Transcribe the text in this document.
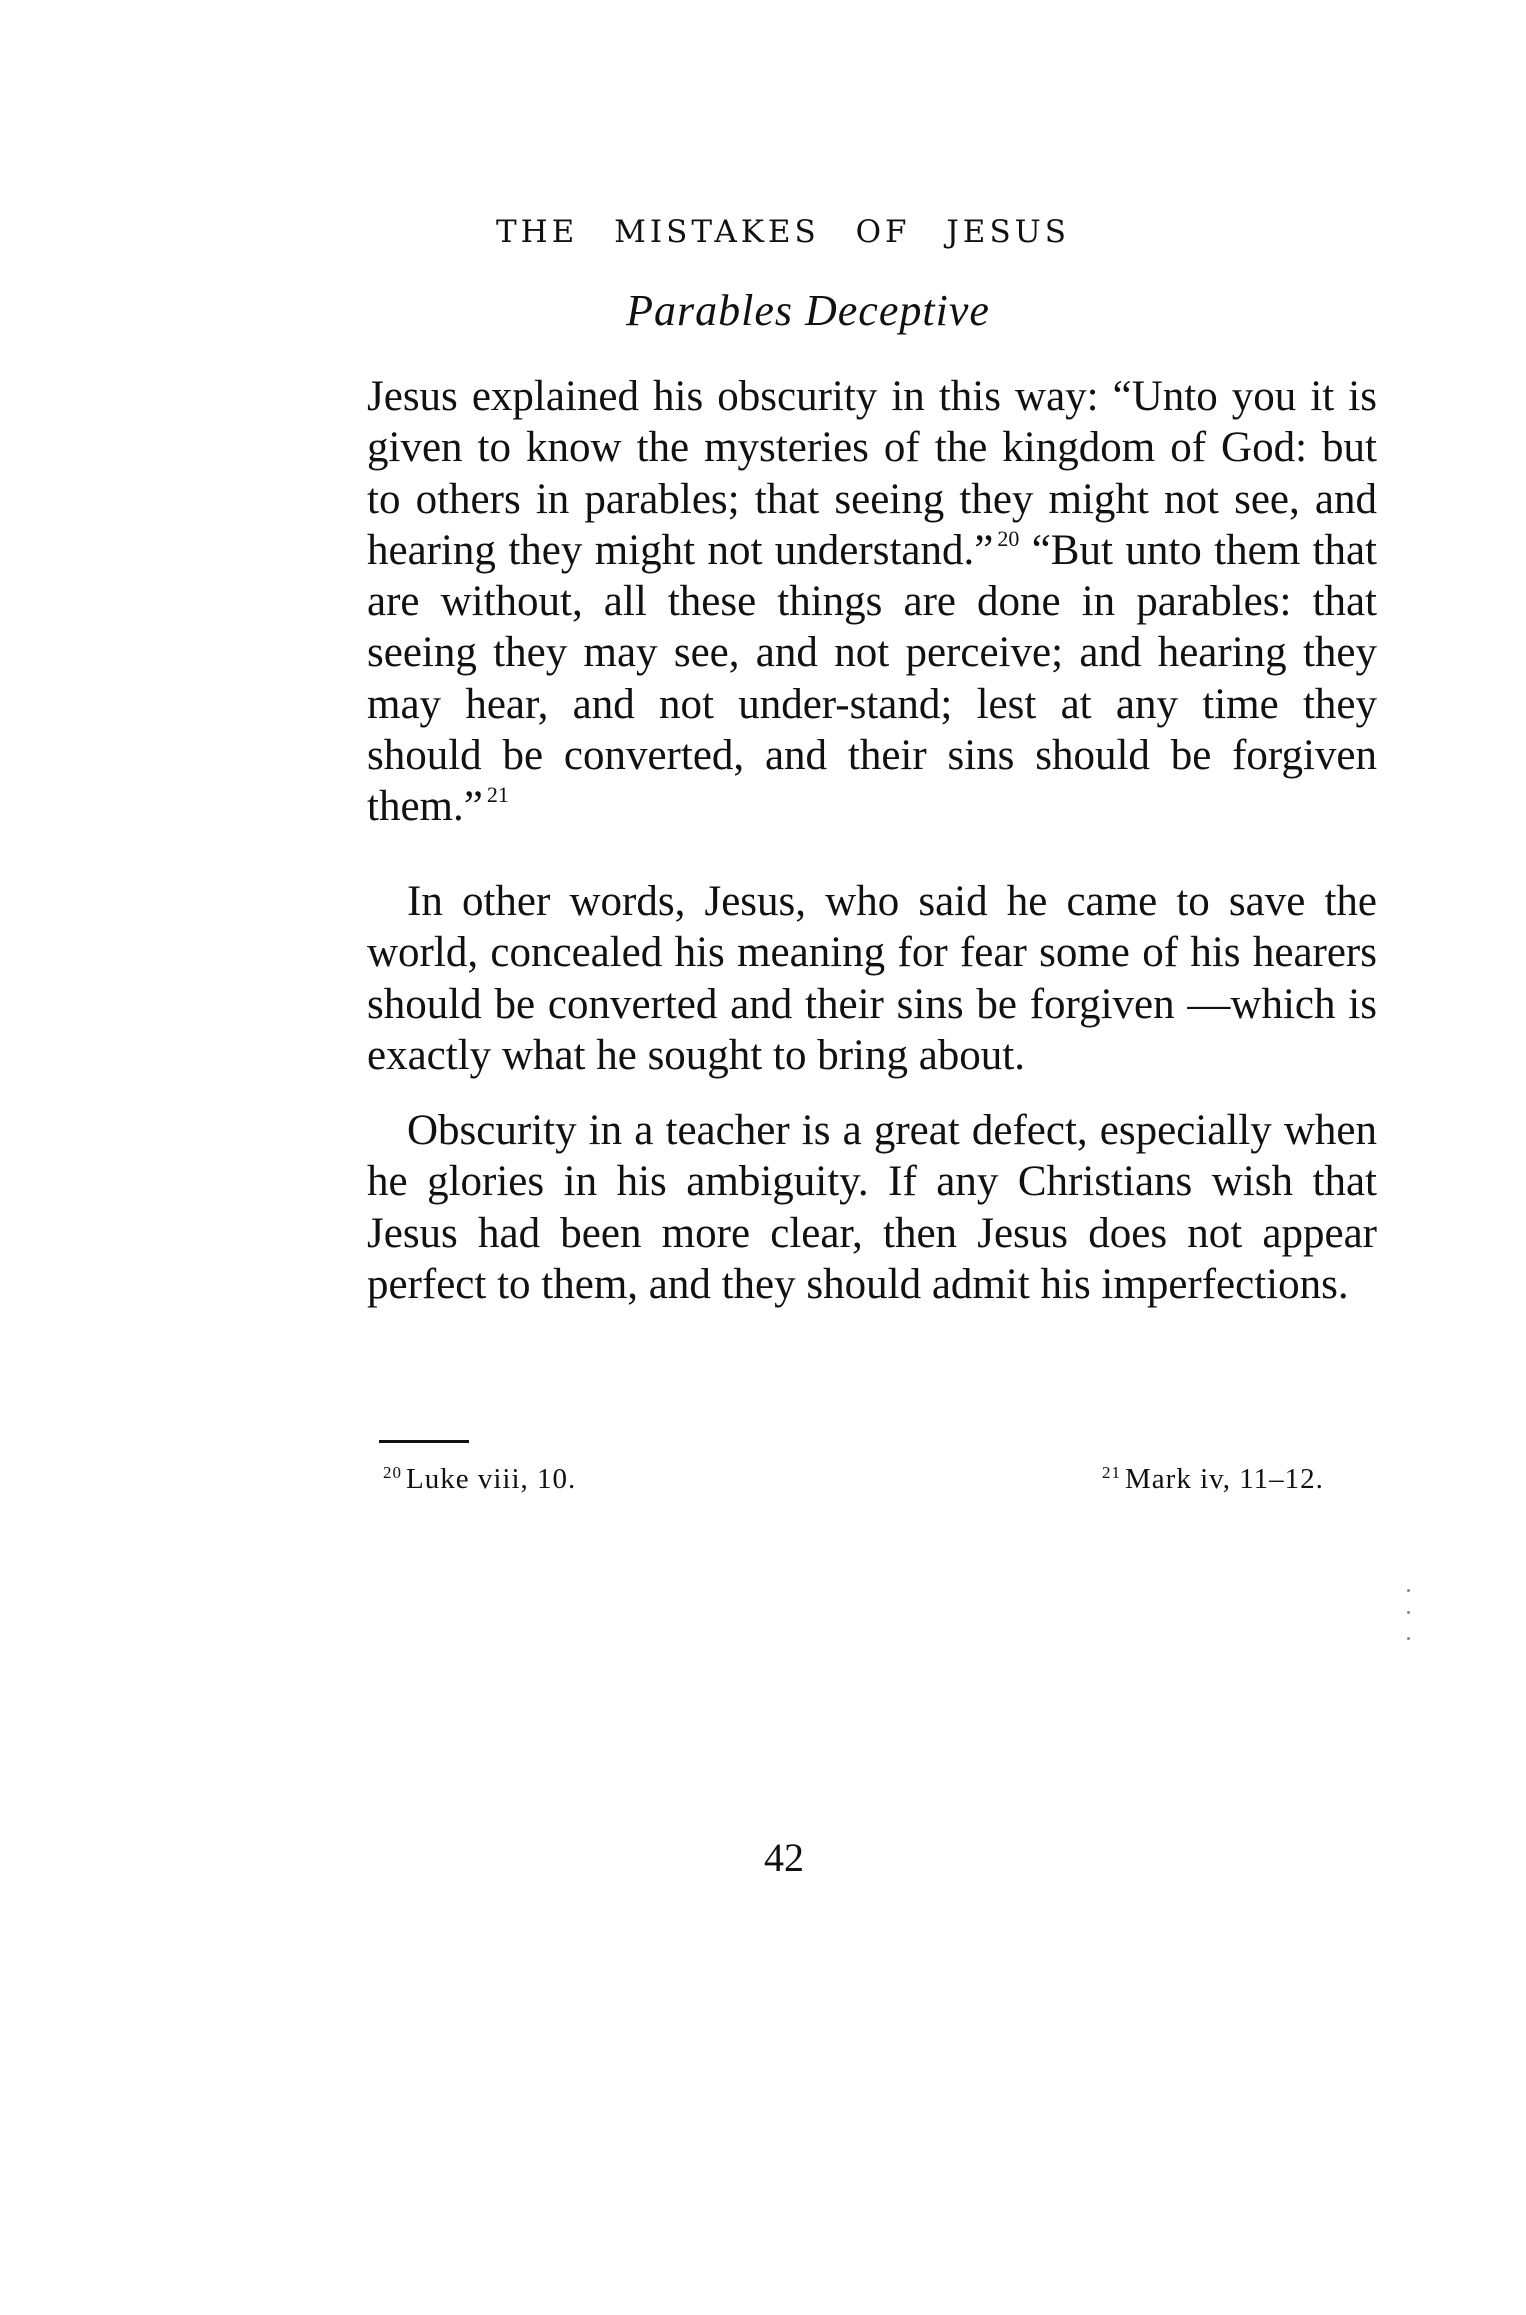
THE MISTAKES OF JESUS
Parables Deceptive

Jesus explained his obscurity in this way: “Unto you it is given to know the mysteries of the kingdom of God: but to others in parables; that seeing they might not see, and hearing they might not understand.” $^{20}$ “But unto them that are without, all these things are done in parables: that seeing they may see, and not perceive; and hearing they may hear, and not under-stand; lest at any time they should be converted, and their sins should be forgiven them.” $^{21}$

In other words, Jesus, who said he came to save the world, concealed his meaning for fear some of his hearers should be converted and their sins be forgiven —which is exactly what he sought to bring about.

Obscurity in a teacher is a great defect, especially when he glories in his ambiguity. If any Christians wish that Jesus had been more clear, then Jesus does not appear perfect to them, and they should admit his imperfections.

$^{20}$ Luke viii, 10.	$^{21}$ Mark iv, 11–12.
42
